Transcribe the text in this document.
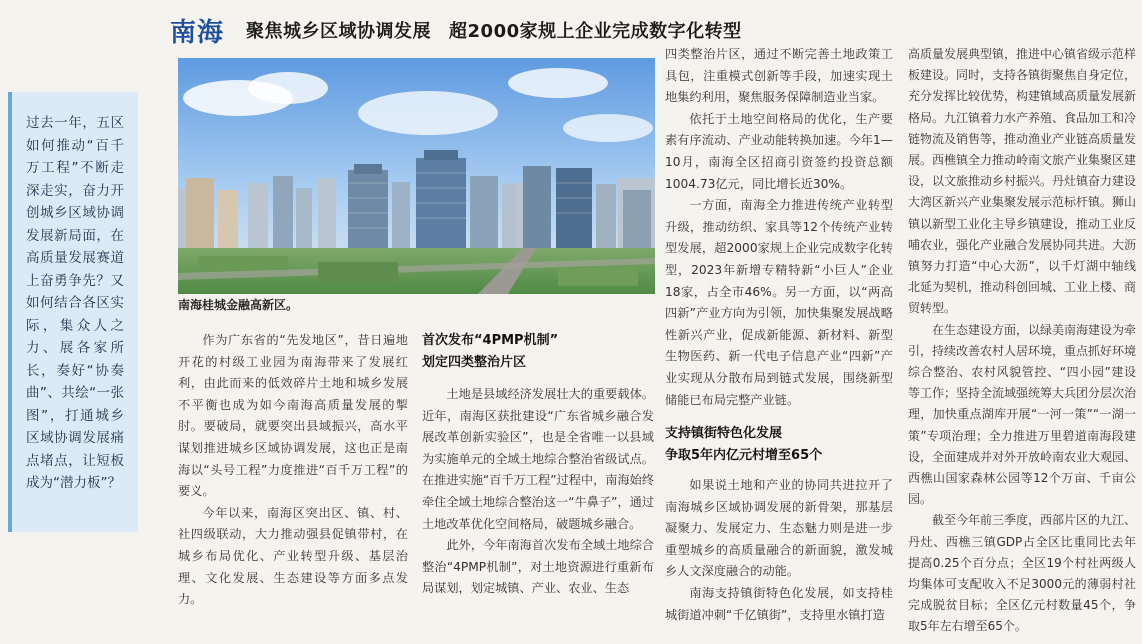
南海 聚焦城乡区域协调发展 超2000家规上企业完成数字化转型
过去一年，五区如何推动“百千万工程”不断走深走实，奋力开创城乡区域协调发展新局面，在高质量发展赛道上奋勇争先？又如何结合各区实际，集众人之力、展各家所长，奏好“协奏曲”、共绘“一张图”，打通城乡区域协调发展痛点堵点，让短板成为“潜力板”？
南海桂城金融高新区。

作为广东省的“先发地区”，昔日遍地开花的村级工业园为南海带来了发展红利，由此而来的低效碎片土地和城乡发展不平衡也成为如今南海高质量发展的掣肘。要破局，就要突出县域振兴，高水平谋划推进城乡区域协调发展，这也正是南海以“头号工程”力度推进“百千万工程”的要义。

今年以来，南海区突出区、镇、村、社四级联动，大力推动强县促镇带村，在城乡布局优化、产业转型升级、基层治理、文化发展、生态建设等方面多点发力。

首次发布“4PMP机制”
划定四类整治片区

土地是县域经济发展壮大的重要载体。近年，南海区获批建设“广东省城乡融合发展改革创新实验区”，也是全省唯一以县域为实施单元的全域土地综合整治省级试点。在推进实施“百千万工程”过程中，南海始终牵住全域土地综合整治这一“牛鼻子”，通过土地改革优化空间格局，破题城乡融合。

此外，今年南海首次发布全域土地综合整治“4PMP机制”，对土地资源进行重新布局谋划，划定城镇、产业、农业、生态

四类整治片区，通过不断完善土地政策工具包，注重模式创新等手段，加速实现土地集约利用，聚焦服务保障制造业当家。

依托于土地空间格局的优化，生产要素有序流动、产业动能转换加速。今年1—10月，南海全区招商引资签约投资总额1004.73亿元，同比增长近30%。

一方面，南海全力推进传统产业转型升级，推动纺织、家具等12个传统产业转型发展，超2000家规上企业完成数字化转型，2023年新增专精特新“小巨人”企业18家，占全市46%。另一方面，以“两高四新”产业方向为引领，加快集聚发展战略性新兴产业，促成新能源、新材料、新型生物医药、新一代电子信息产业“四新”产业实现从分散布局到链式发展，围绕新型储能已布局完整产业链。

支持镇街特色化发展
争取5年内亿元村增至65个

如果说土地和产业的协同共进拉开了南海城乡区域协调发展的新骨架，那基层凝聚力、发展定力、生态魅力则是进一步重塑城乡的高质量融合的新面貌，激发城乡人文深度融合的动能。

南海支持镇街特色化发展，如支持桂城街道冲刺“千亿镇街”，支持里水镇打造

高质量发展典型镇，推进中心镇省级示范样板建设。同时，支持各镇街聚焦自身定位，充分发挥比较优势，构建镇域高质量发展新格局。九江镇着力水产养殖、食品加工和冷链物流及销售等，推动渔业产业链高质量发展。西樵镇全力推动岭南文旅产业集聚区建设，以文旅推动乡村振兴。丹灶镇奋力建设大湾区新兴产业集聚发展示范标杆镇。狮山镇以新型工业化主导乡镇建设，推动工业反哺农业，强化产业融合发展协同共进。大沥镇努力打造“中心大沥”，以千灯湖中轴线北延为契机，推动科创回城、工业上楼、商贸转型。

在生态建设方面，以绿美南海建设为牵引，持续改善农村人居环境，重点抓好环境综合整治、农村风貌管控、“四小园”建设等工作；坚持全流域强统筹大兵团分层次治理，加快重点湖库开展“一河一策”“一湖一策”专项治理；全力推进万里碧道南海段建设，全面建成并对外开放岭南农业大观园、西樵山国家森林公园等12个万亩、千亩公园。

截至今年前三季度，西部片区的九江、丹灶、西樵三镇GDP占全区比重同比去年提高0.25个百分点；全区19个村社两级人均集体可支配收入不足3000元的薄弱村社完成脱贫目标；全区亿元村数量45个，争取5年左右增至65个。
